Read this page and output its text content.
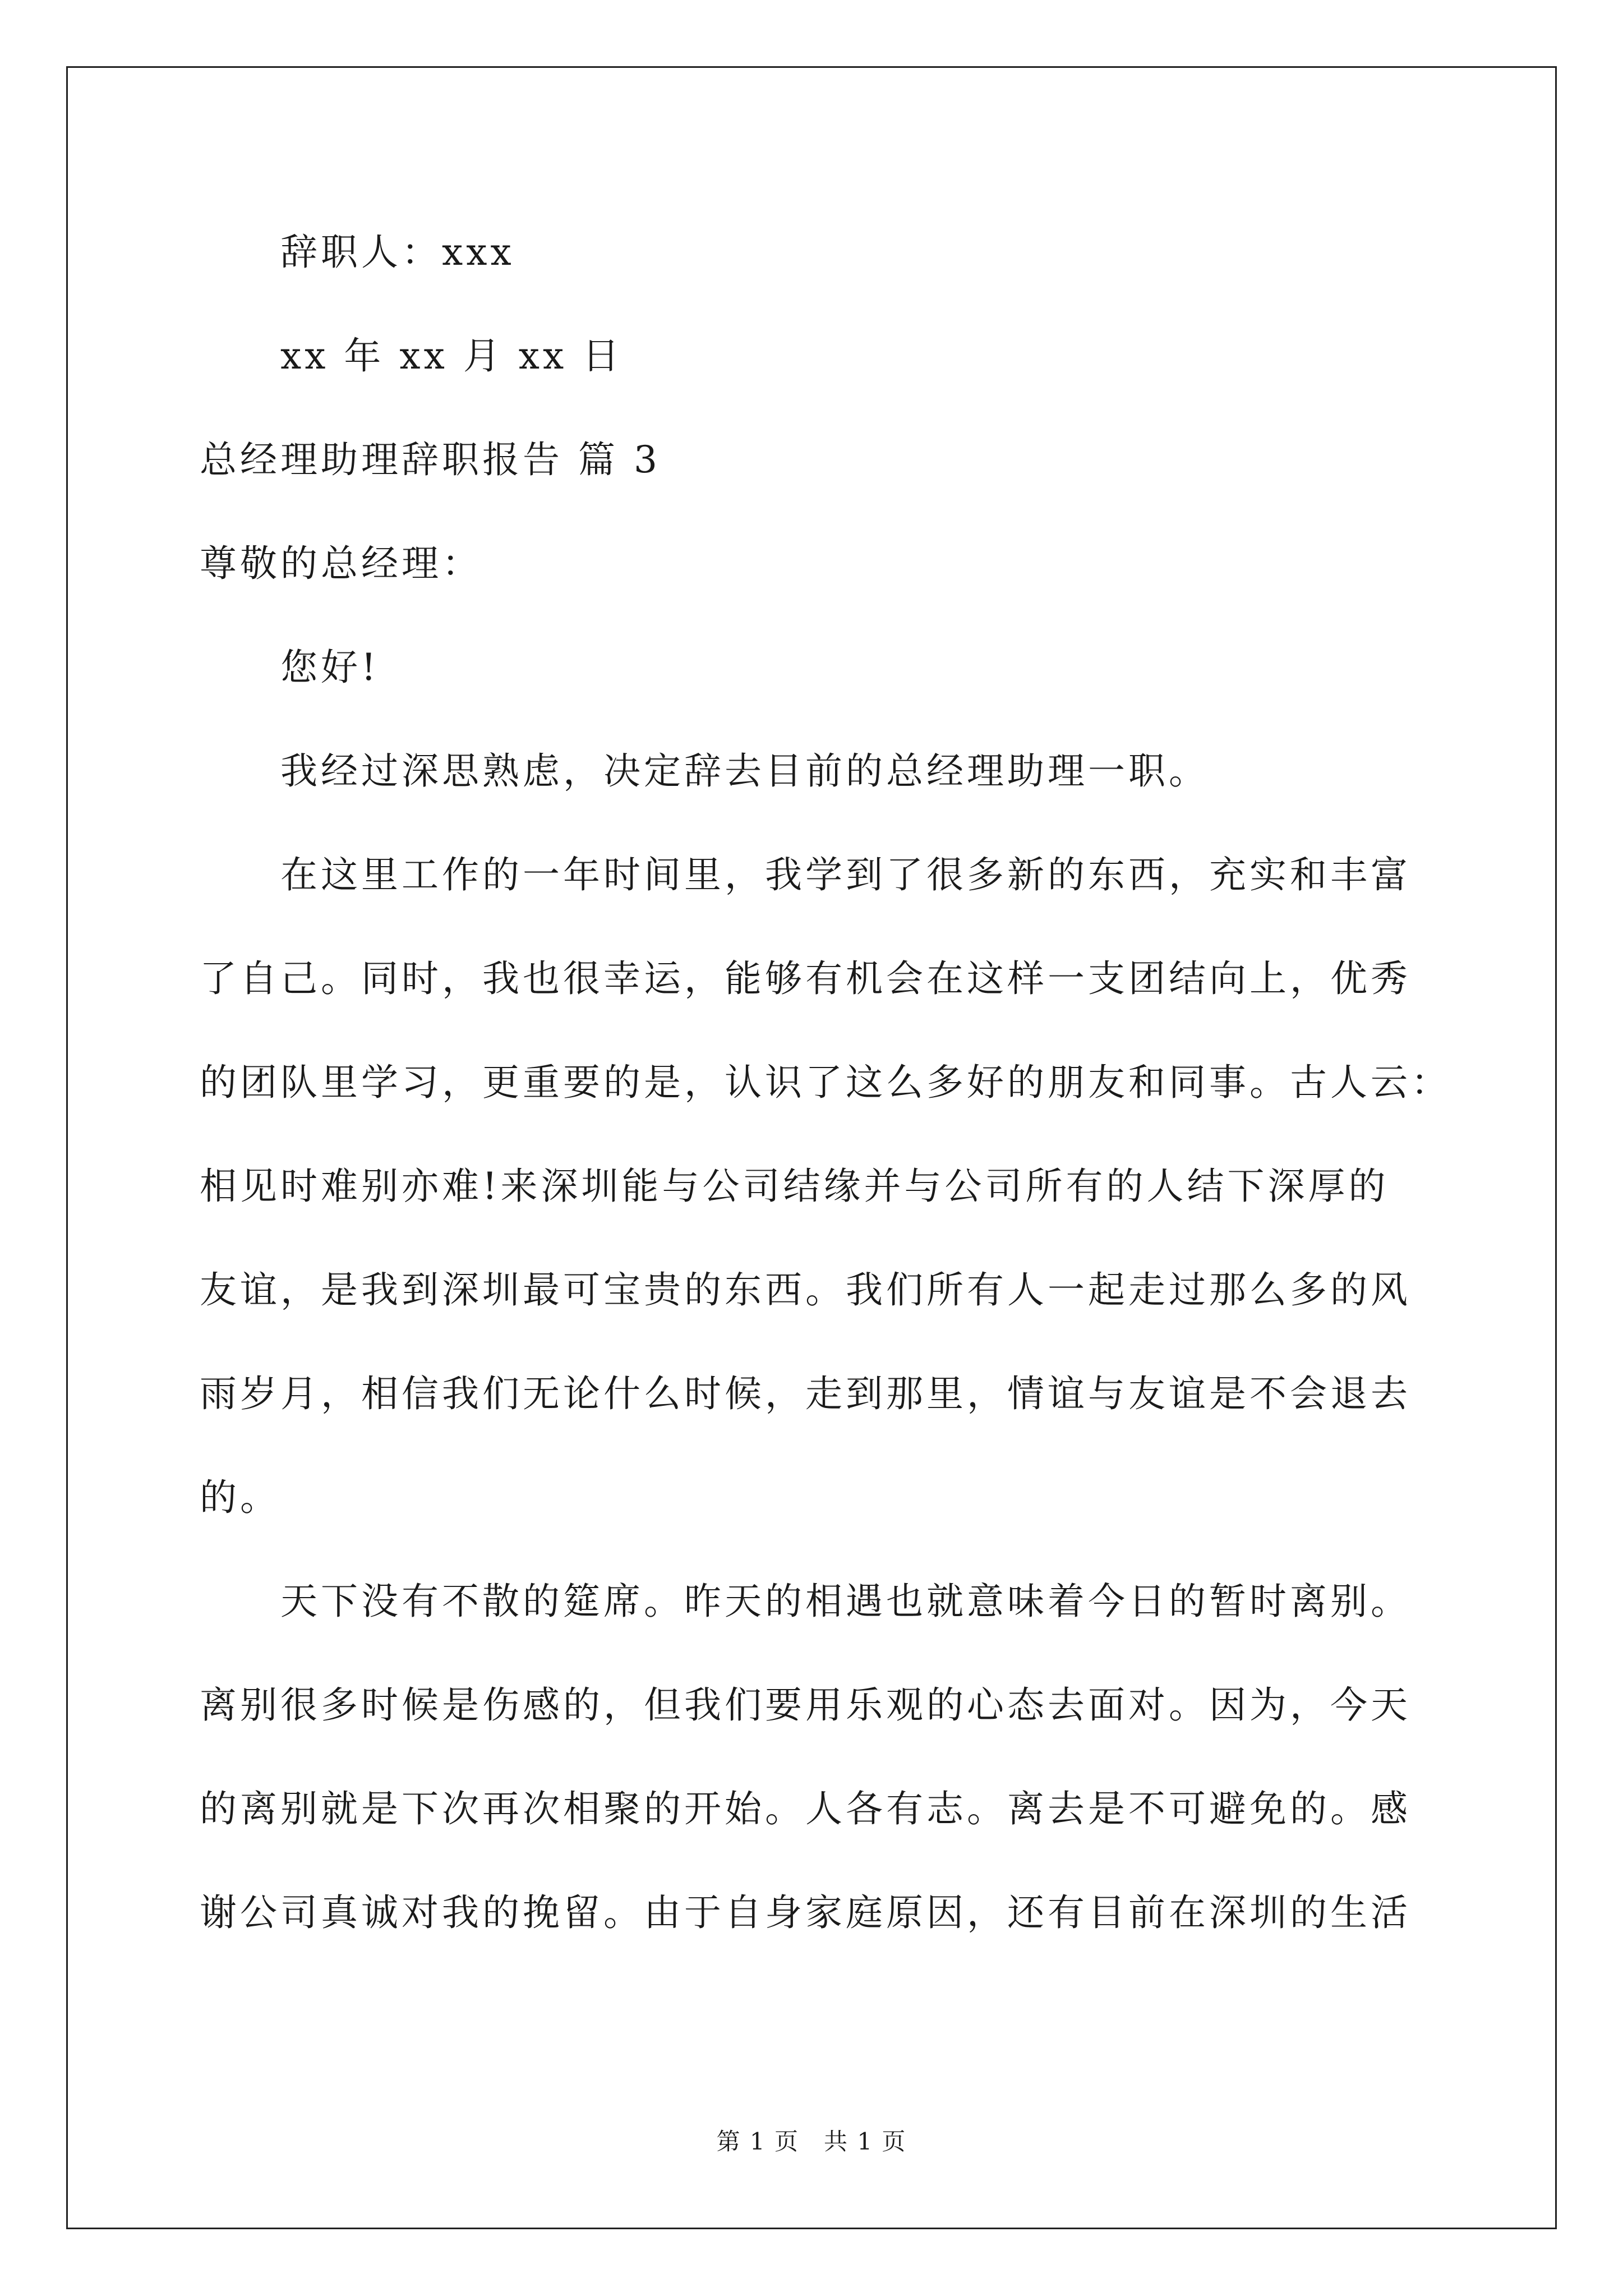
辞职人：xxx
xx 年 xx 月 xx 日
总经理助理辞职报告 篇 3
尊敬的总经理：
您好!
我经过深思熟虑，决定辞去目前的总经理助理一职。
在这里工作的一年时间里，我学到了很多新的东西，充实和丰富
了自己。同时，我也很幸运，能够有机会在这样一支团结向上，优秀
的团队里学习，更重要的是，认识了这么多好的朋友和同事。古人云：
相见时难别亦难!来深圳能与公司结缘并与公司所有的人结下深厚的
友谊，是我到深圳最可宝贵的东西。我们所有人一起走过那么多的风
雨岁月，相信我们无论什么时候，走到那里，情谊与友谊是不会退去
的。
天下没有不散的筵席。昨天的相遇也就意味着今日的暂时离别。
离别很多时候是伤感的，但我们要用乐观的心态去面对。因为，今天
的离别就是下次再次相聚的开始。人各有志。离去是不可避免的。感
谢公司真诚对我的挽留。由于自身家庭原因，还有目前在深圳的生活
第 1 页　共 1 页
